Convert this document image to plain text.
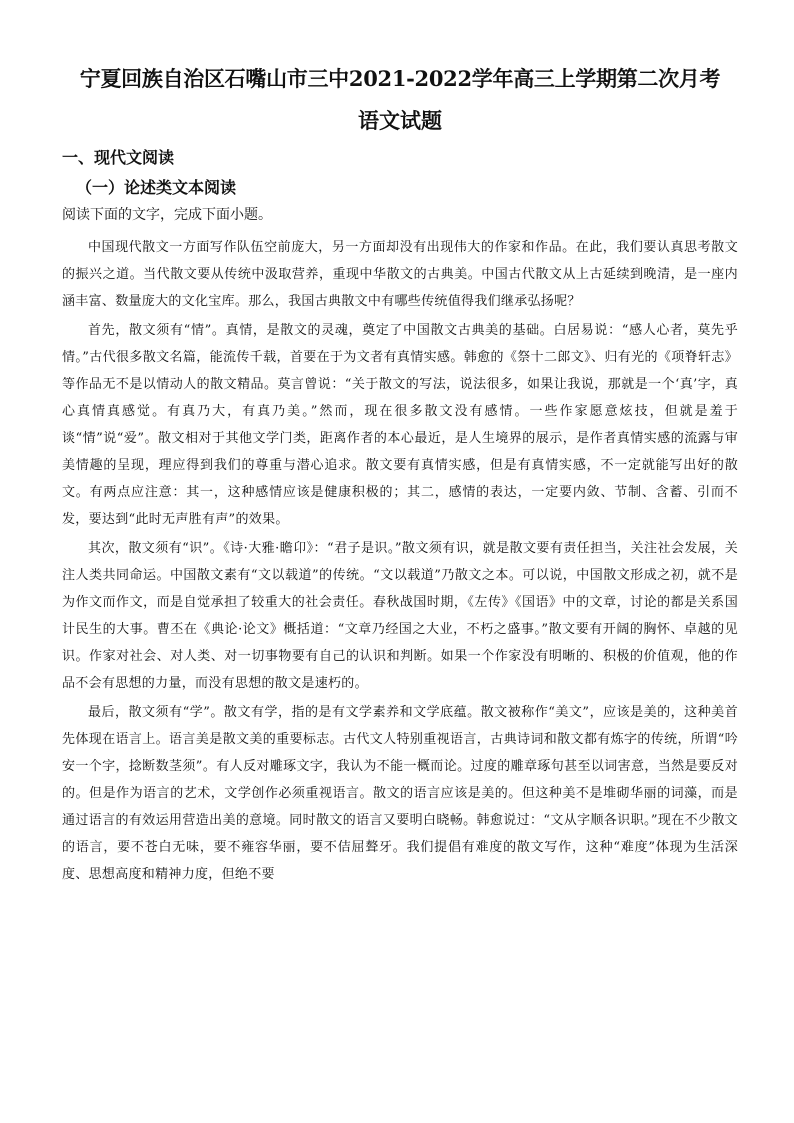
宁夏回族自治区石嘴山市三中2021-2022学年高三上学期第二次月考
语文试题
一、现代文阅读
（一）论述类文本阅读

阅读下面的文字，完成下面小题。

中国现代散文一方面写作队伍空前庞大，另一方面却没有出现伟大的作家和作品。在此，我们要认真思考散文的振兴之道。当代散文要从传统中汲取营养，重现中华散文的古典美。中国古代散文从上古延续到晚清，是一座内涵丰富、数量庞大的文化宝库。那么，我国古典散文中有哪些传统值得我们继承弘扬呢？

首先，散文须有“情”。真情，是散文的灵魂，奠定了中国散文古典美的基础。白居易说：“感人心者，莫先乎情。”古代很多散文名篇，能流传千载，首要在于为文者有真情实感。韩愈的《祭十二郎文》、归有光的《项脊轩志》等作品无不是以情动人的散文精品。莫言曾说：“关于散文的写法，说法很多，如果让我说，那就是一个‘真’字，真心真情真感觉。有真乃大，有真乃美。”然而，现在很多散文没有感情。一些作家愿意炫技，但就是羞于谈“情”说“爱”。散文相对于其他文学门类，距离作者的本心最近，是人生境界的展示，是作者真情实感的流露与审美情趣的呈现，理应得到我们的尊重与潜心追求。散文要有真情实感，但是有真情实感，不一定就能写出好的散文。有两点应注意：其一，这种感情应该是健康积极的；其二，感情的表达，一定要内敛、节制、含蓄、引而不发，要达到“此时无声胜有声”的效果。

其次，散文须有“识”。《诗·大雅·瞻卬》：“君子是识。”散文须有识，就是散文要有责任担当，关注社会发展，关注人类共同命运。中国散文素有“文以载道”的传统。“文以载道”乃散文之本。可以说，中国散文形成之初，就不是为作文而作文，而是自觉承担了较重大的社会责任。春秋战国时期，《左传》《国语》中的文章，讨论的都是关系国计民生的大事。曹丕在《典论·论文》概括道：“文章乃经国之大业，不朽之盛事。”散文要有开阔的胸怀、卓越的见识。作家对社会、对人类、对一切事物要有自己的认识和判断。如果一个作家没有明晰的、积极的价值观，他的作品不会有思想的力量，而没有思想的散文是速朽的。

最后，散文须有“学”。散文有学，指的是有文学素养和文学底蕴。散文被称作“美文”，应该是美的，这种美首先体现在语言上。语言美是散文美的重要标志。古代文人特别重视语言，古典诗词和散文都有炼字的传统，所谓“吟安一个字，捻断数茎须”。有人反对雕琢文字，我认为不能一概而论。过度的雕章琢句甚至以词害意，当然是要反对的。但是作为语言的艺术，文学创作必须重视语言。散文的语言应该是美的。但这种美不是堆砌华丽的词藻，而是通过语言的有效运用营造出美的意境。同时散文的语言又要明白晓畅。韩愈说过：“文从字顺各识职。”现在不少散文的语言，要不苍白无味，要不雍容华丽，要不佶屈聱牙。我们提倡有难度的散文写作，这种“难度”体现为生活深度、思想高度和精神力度，但绝不要
